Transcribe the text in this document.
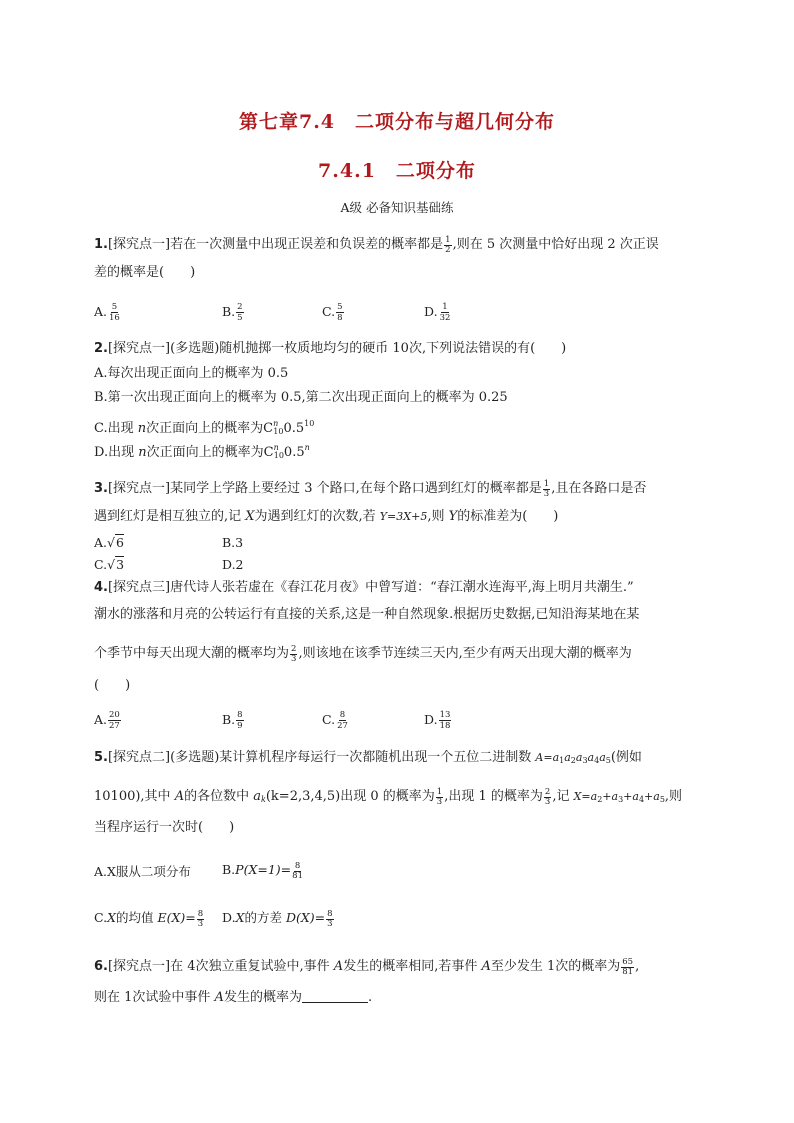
第七章7.4　二项分布与超几何分布
7.4.1　二项分布
A级 必备知识基础练
1.[探究点一]若在一次测量中出现正误差和负误差的概率都是 $\frac{1}{2}$ ,则在 5 次测量中恰好出现 2 次正误
差的概率是(　　)
A. $\frac{5}{16}$	B. $\frac{2}{5}$	C. $\frac{5}{8}$	D. $\frac{1}{32}$
2.[探究点一](多选题)随机抛掷一枚质地均匀的硬币 10次,下列说法错误的有(　　)
A.每次出现正面向上的概率为 0.5
B.第一次出现正面向上的概率为 0.5,第二次出现正面向上的概率为 0.25
C.出现 n次正面向上的概率为$C^n_{10}0.5^{10}$
D.出现 n次正面向上的概率为$C^n_{10}0.5^n$
3.[探究点一]某同学上学路上要经过 3 个路口,在每个路口遇到红灯的概率都是 $\frac{1}{3}$ ,且在各路口是否
遇到红灯是相互独立的,记 X为遇到红灯的次数,若 Y=3X+5,则 Y的标准差为(　　)
A.√6	B.3
C.√3	D.2
4.[探究点三]唐代诗人张若虚在《春江花月夜》中曾写道：“春江潮水连海平,海上明月共潮生.”
潮水的涨落和月亮的公转运行有直接的关系,这是一种自然现象.根据历史数据,已知沿海某地在某
个季节中每天出现大潮的概率均为 $\frac{2}{3}$ ,则该地在该季节连续三天内,至少有两天出现大潮的概率为
(　　)
A. $\frac{20}{27}$	B. $\frac{8}{9}$	C. $\frac{8}{27}$	D. $\frac{13}{18}$
5.[探究点二](多选题)某计算机程序每运行一次都随机出现一个五位二进制数 $A=a_1a_2a_3a_4a_5$(例如
10100),其中 A的各位数中 $a_k(k=2,3,4,5)$出现 0 的概率为 $\frac{1}{3}$ ,出现 1 的概率为 $\frac{2}{3}$ ,记 $X=a_2+a_3+a_4+a_5$,则
当程序运行一次时(　　)
A.X服从二项分布 $B.P(X=1)= \frac{8}{81}$
C.X的均值 $E(X)= \frac{8}{3} D.X$的方差 $D(X)= \frac{8}{3}$
6.[探究点一]在 4次独立重复试验中,事件 A发生的概率相同,若事件 A至少发生 1次的概率为 $\frac{65}{81}$ ,
则在 1次试验中事件 A发生的概率为	.
